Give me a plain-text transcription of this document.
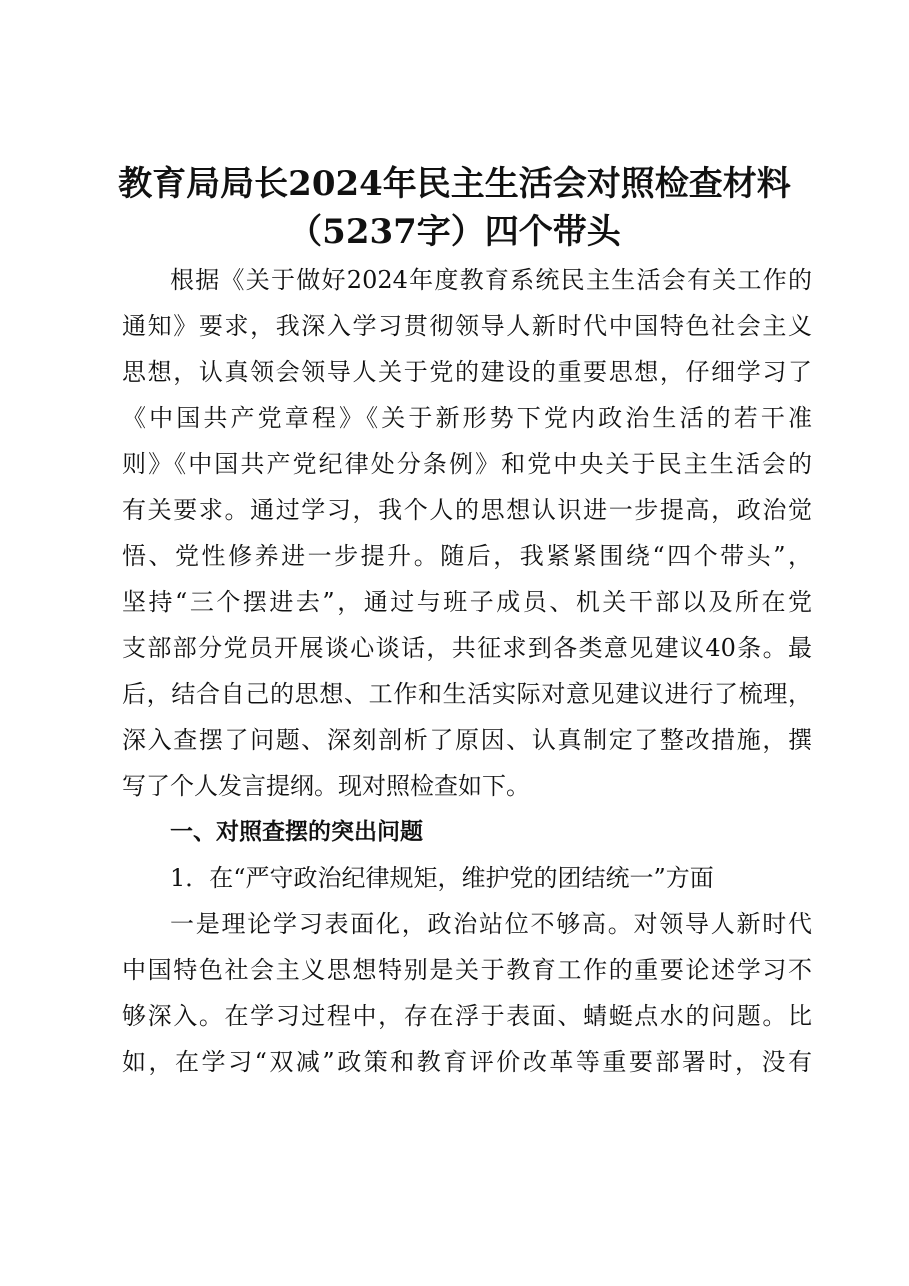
教育局局长2024年民主生活会对照检查材料
（5237字）四个带头
根据《关于做好2024年度教育系统民主生活会有关工作的
通知》要求，我深入学习贯彻领导人新时代中国特色社会主义
思想，认真领会领导人关于党的建设的重要思想，仔细学习了
《中国共产党章程》《关于新形势下党内政治生活的若干准
则》《中国共产党纪律处分条例》和党中央关于民主生活会的
有关要求。通过学习，我个人的思想认识进一步提高，政治觉
悟、党性修养进一步提升。随后，我紧紧围绕“四个带头”，
坚持“三个摆进去”，通过与班子成员、机关干部以及所在党
支部部分党员开展谈心谈话，共征求到各类意见建议40条。最
后，结合自己的思想、工作和生活实际对意见建议进行了梳理，
深入查摆了问题、深刻剖析了原因、认真制定了整改措施，撰
写了个人发言提纲。现对照检查如下。
一、对照查摆的突出问题
1．在“严守政治纪律规矩，维护党的团结统一”方面
一是理论学习表面化，政治站位不够高。对领导人新时代
中国特色社会主义思想特别是关于教育工作的重要论述学习不
够深入。在学习过程中，存在浮于表面、蜻蜓点水的问题。比
如，在学习“双减”政策和教育评价改革等重要部署时，没有
